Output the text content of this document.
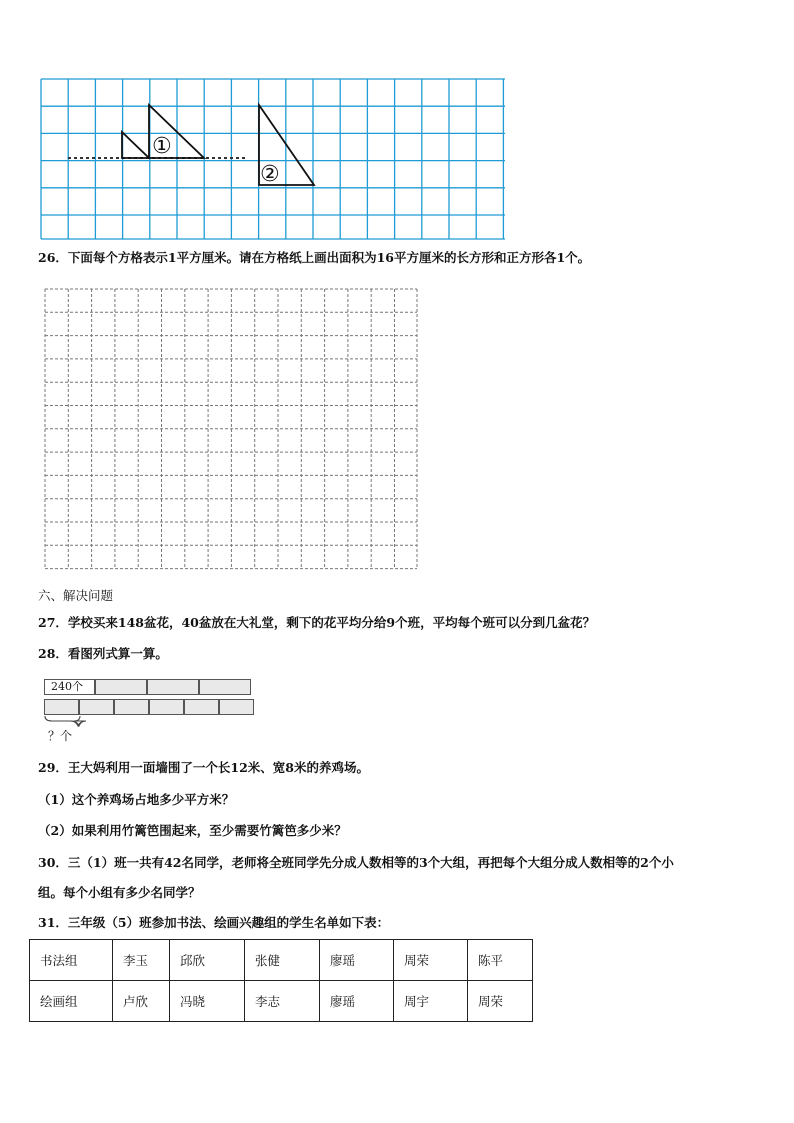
①
②
26．下面每个方格表示1平方厘米。请在方格纸上画出面积为16平方厘米的长方形和正方形各1个。
六、解决问题
27．学校买来148盆花，40盆放在大礼堂，剩下的花平均分给9个班，平均每个班可以分到几盆花？
28．看图列式算一算。
240个
？个
29．王大妈利用一面墙围了一个长12米、宽8米的养鸡场。
（1）这个养鸡场占地多少平方米？
（2）如果利用竹篱笆围起来，至少需要竹篱笆多少米？
30．三（1）班一共有42名同学，老师将全班同学先分成人数相等的3个大组，再把每个大组分成人数相等的2个小
组。每个小组有多少名同学？
31．三年级（5）班参加书法、绘画兴趣组的学生名单如下表：
书法组	李玉	邱欣	张健	廖瑶	周荣	陈平
绘画组	卢欣	冯晓	李志	廖瑶	周宇	周荣
